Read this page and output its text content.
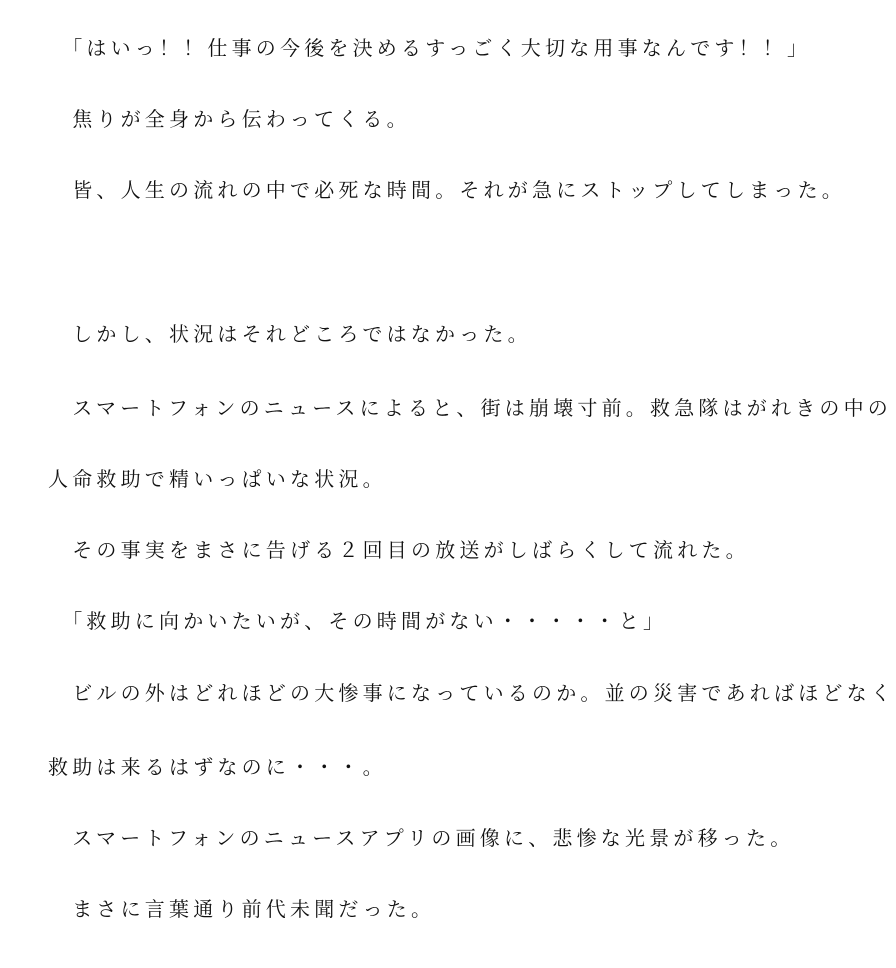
　「はいっ！！仕事の今後を決めるすっごく大切な用事なんです！！」
　焦りが全身から伝わってくる。
　皆、人生の流れの中で必死な時間。それが急にストップしてしまった。
　しかし、状況はそれどころではなかった。
　スマートフォンのニュースによると、街は崩壊寸前。救急隊はがれきの中の
人命救助で精いっぱいな状況。
　その事実をまさに告げる２回目の放送がしばらくして流れた。
　「救助に向かいたいが、その時間がない・・・・・と」
　ビルの外はどれほどの大惨事になっているのか。並の災害であればほどなく
救助は来るはずなのに・・・。
　スマートフォンのニュースアプリの画像に、悲惨な光景が移った。
　まさに言葉通り前代未聞だった。
